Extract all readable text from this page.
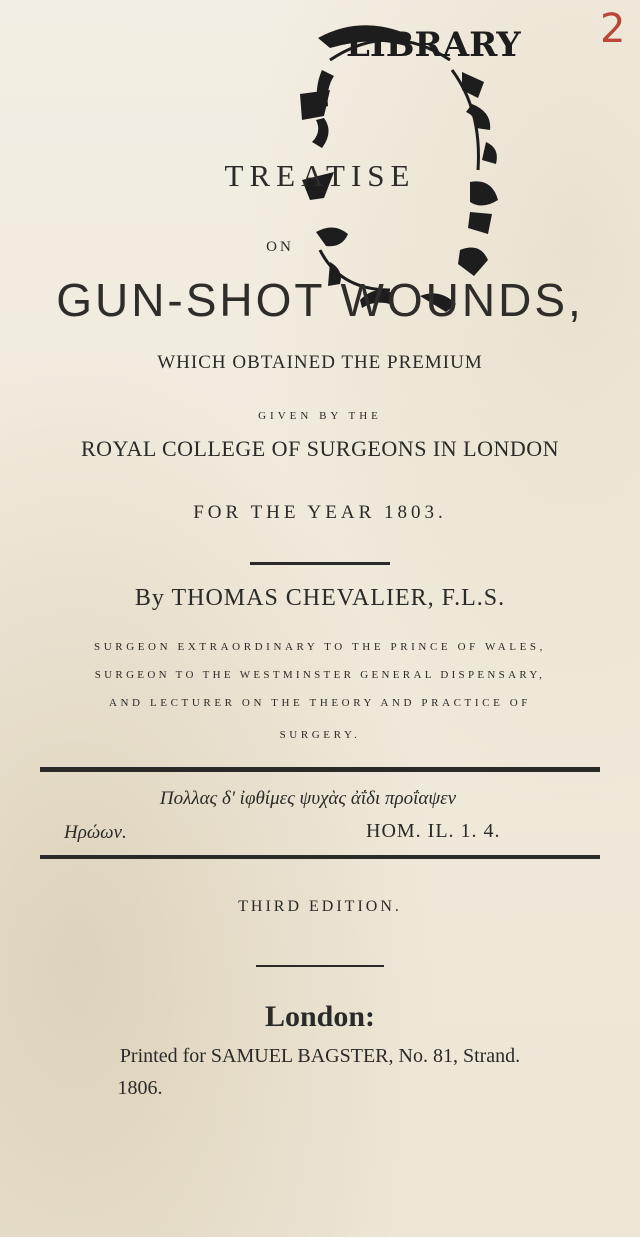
LIBRARY 2
TREATISE
ON
GUN-SHOT WOUNDS,
WHICH OBTAINED THE PREMIUM
GIVEN BY THE
ROYAL COLLEGE OF SURGEONS IN LONDON
FOR THE YEAR 1803.
By THOMAS CHEVALIER, F.L.S.
SURGEON EXTRAORDINARY TO THE PRINCE OF WALES,
SURGEON TO THE WESTMINSTER GENERAL DISPENSARY,
AND LECTURER ON THE THEORY AND PRACTICE OF
SURGERY.
Πολλας δ' ἰφθίμες ψυχὰς ἀΐδι προΐαψεν
Ηρώων.	HOM. IL. 1. 4.
THIRD EDITION.
London:
Printed for SAMUEL BAGSTER, No. 81, Strand.
1806.
